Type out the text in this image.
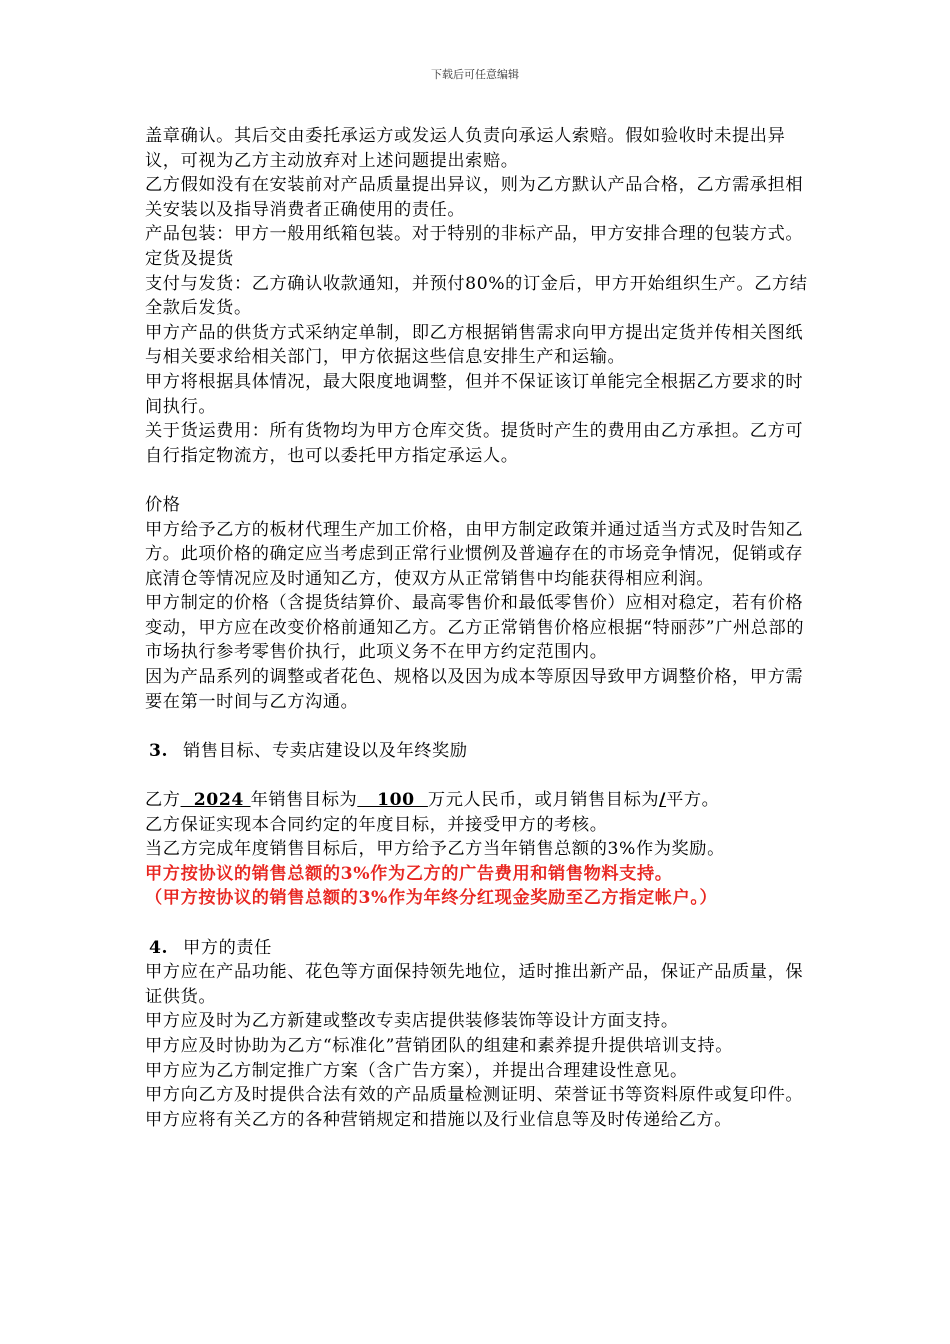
下载后可任意编辑

盖章确认。其后交由委托承运方或发运人负责向承运人索赔。假如验收时未提出异议，可视为乙方主动放弃对上述问题提出索赔。

乙方假如没有在安装前对产品质量提出异议，则为乙方默认产品合格，乙方需承担相关安装以及指导消费者正确使用的责任。

产品包装：甲方一般用纸箱包装。对于特别的非标产品，甲方安排合理的包装方式。

定货及提货

支付与发货：乙方确认收款通知，并预付80%的订金后，甲方开始组织生产。乙方结全款后发货。

甲方产品的供货方式采纳定单制，即乙方根据销售需求向甲方提出定货并传相关图纸与相关要求给相关部门，甲方依据这些信息安排生产和运输。

甲方将根据具体情况，最大限度地调整，但并不保证该订单能完全根据乙方要求的时间执行。

关于货运费用：所有货物均为甲方仓库交货。提货时产生的费用由乙方承担。乙方可自行指定物流方，也可以委托甲方指定承运人。

价格

甲方给予乙方的板材代理生产加工价格，由甲方制定政策并通过适当方式及时告知乙方。此项价格的确定应当考虑到正常行业惯例及普遍存在的市场竞争情况，促销或存底清仓等情况应及时通知乙方，使双方从正常销售中均能获得相应利润。

甲方制定的价格（含提货结算价、最高零售价和最低零售价）应相对稳定，若有价格变动，甲方应在改变价格前通知乙方。乙方正常销售价格应根据“特丽莎”广州总部的市场执行参考零售价执行，此项义务不在甲方约定范围内。

因为产品系列的调整或者花色、规格以及因为成本等原因导致甲方调整价格，甲方需要在第一时间与乙方沟通。

3. 销售目标、专卖店建设以及年终奖励

乙方  2024 年销售目标为   100  万元人民币，或月销售目标为/平方。

乙方保证实现本合同约定的年度目标，并接受甲方的考核。

当乙方完成年度销售目标后，甲方给予乙方当年销售总额的3%作为奖励。

甲方按协议的销售总额的3%作为乙方的广告费用和销售物料支持。

（甲方按协议的销售总额的3%作为年终分红现金奖励至乙方指定帐户。）

4. 甲方的责任

甲方应在产品功能、花色等方面保持领先地位，适时推出新产品，保证产品质量，保证供货。

甲方应及时为乙方新建或整改专卖店提供装修装饰等设计方面支持。

甲方应及时协助为乙方“标准化”营销团队的组建和素养提升提供培训支持。

甲方应为乙方制定推广方案（含广告方案），并提出合理建设性意见。

甲方向乙方及时提供合法有效的产品质量检测证明、荣誉证书等资料原件或复印件。

甲方应将有关乙方的各种营销规定和措施以及行业信息等及时传递给乙方。
